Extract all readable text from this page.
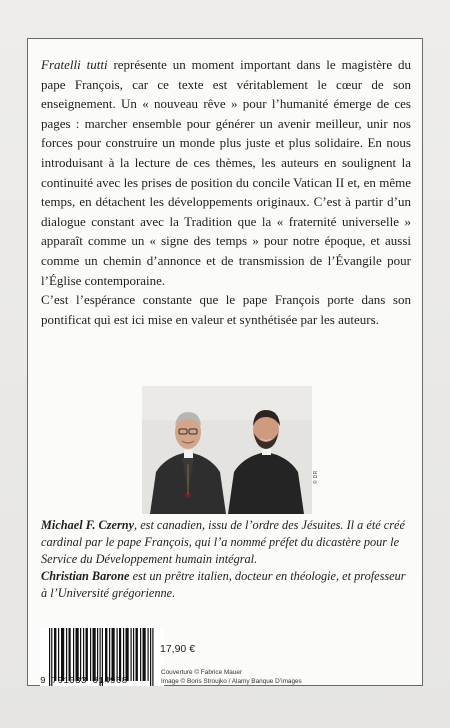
Fratelli tutti représente un moment important dans le magistère du pape François, car ce texte est véritablement le cœur de son enseignement. Un « nouveau rêve » pour l’humanité émerge de ces pages : marcher ensemble pour générer un avenir meilleur, unir nos forces pour construire un monde plus juste et plus solidaire. En nous introduisant à la lecture de ces thèmes, les auteurs en soulignent la continuité avec les prises de position du concile Vatican II et, en même temps, en détachent les développements originaux. C’est à partir d’un dialogue constant avec la Tradition que la « fraternité universelle » apparaît comme un « signe des temps » pour notre époque, et aussi comme un chemin d’annonce et de transmission de l’Évangile pour l’Église contemporaine.

C’est l’espérance constante que le pape François porte dans son pontificat qui est ici mise en valeur et synthétisée par les auteurs.

© DR

Michael F. Czerny, est canadien, issu de l’ordre des Jésuites. Il a été créé cardinal par le pape François, qui l’a nommé préfet du dicastère pour le Service du Développement humain intégral.

Christian Barone est un prêtre italien, docteur en théologie, et professeur à l’Université grégorienne.

9 791033 614968
17,90 €

Couverture © Fabrice Mauer

Image © Boris Stroujko / Alamy Banque D’images
